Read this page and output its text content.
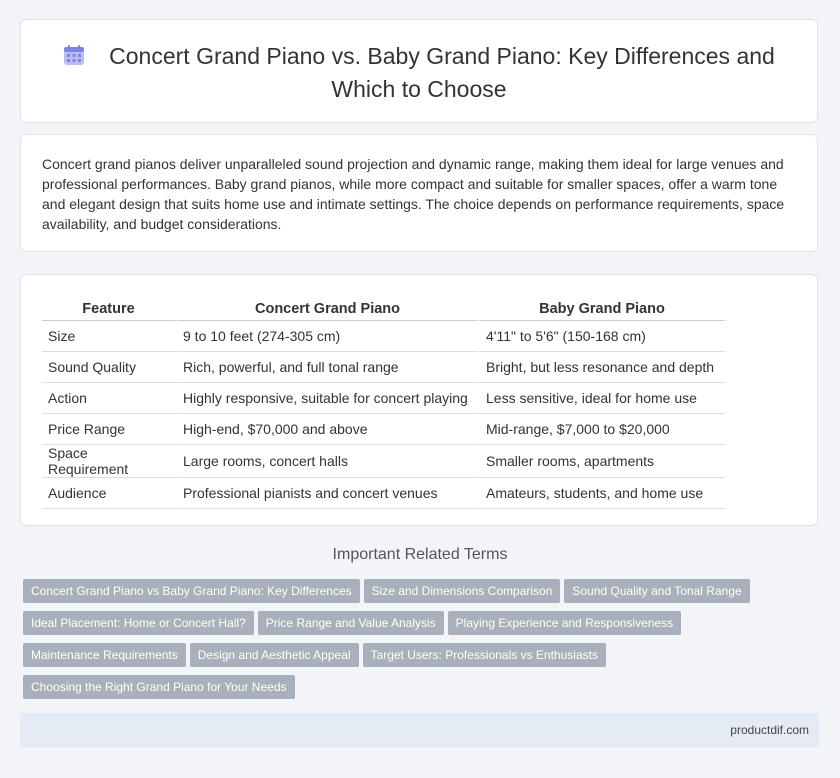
Concert Grand Piano vs. Baby Grand Piano: Key Differences and
Which to Choose

Concert grand pianos deliver unparalleled sound projection and dynamic range, making them ideal for large venues and professional performances. Baby grand pianos, while more compact and suitable for smaller spaces, offer a warm tone and elegant design that suits home use and intimate settings. The choice depends on performance requirements, space availability, and budget considerations.

Feature	Concert Grand Piano	Baby Grand Piano
Size	9 to 10 feet (274-305 cm)	4'11" to 5'6" (150-168 cm)
Sound Quality	Rich, powerful, and full tonal range	Bright, but less resonance and depth
Action	Highly responsive, suitable for concert playing	Less sensitive, ideal for home use
Price Range	High-end, $70,000 and above	Mid-range, $7,000 to $20,000
Space Requirement	Large rooms, concert halls	Smaller rooms, apartments
Audience	Professional pianists and concert venues	Amateurs, students, and home use
Important Related Terms
Concert Grand Piano vs Baby Grand Piano: Key Differences Size and Dimensions Comparison Sound Quality and Tonal Range
Ideal Placement: Home or Concert Hall? Price Range and Value Analysis Playing Experience and Responsiveness
Maintenance Requirements Design and Aesthetic Appeal Target Users: Professionals vs Enthusiasts
Choosing the Right Grand Piano for Your Needs
productdif.com
